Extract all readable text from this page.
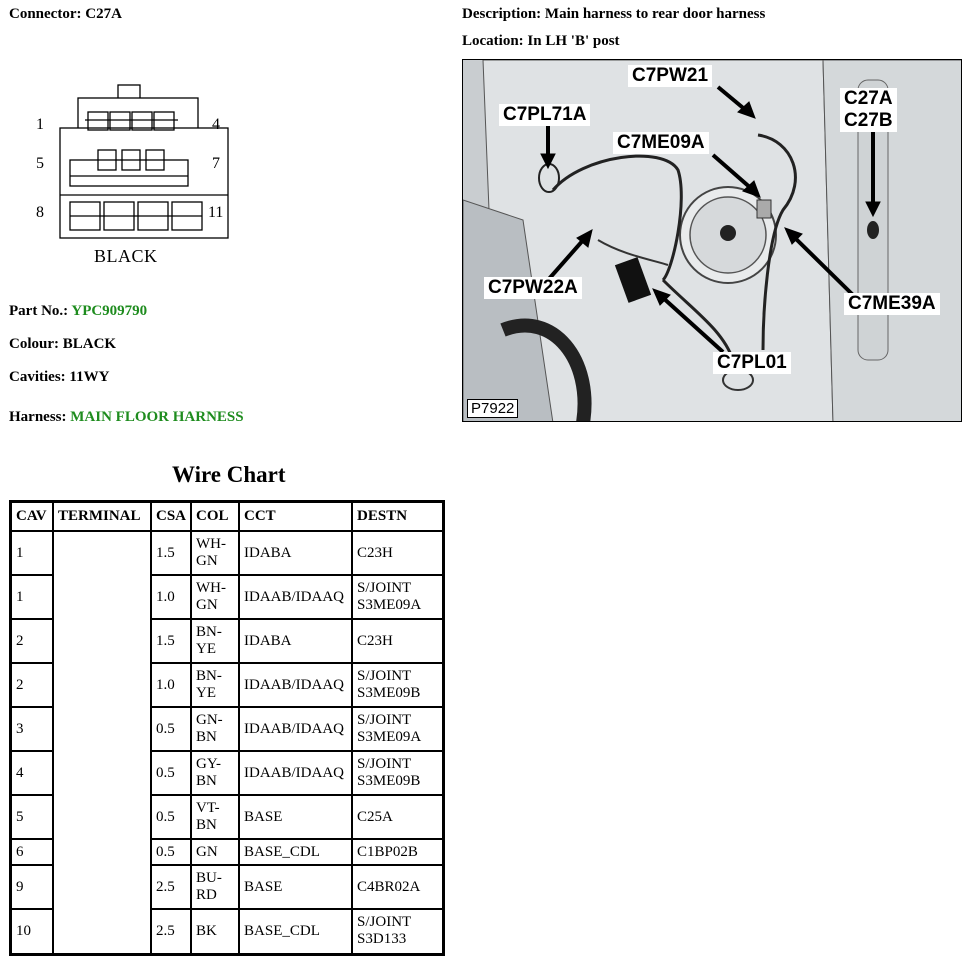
Connector: C27A	Description: Main harness to rear door harness
Location: In LH 'B' post
1	4
5	7
8	11
BLACK
Part No.: YPC909790
Colour: BLACK
Cavities: 11WY
Harness: MAIN FLOOR HARNESS
C7PW21
C7PL71A
C7ME09A
C27A
C27B
C7PW22A
C7ME39A
C7PL01
P7922
Wire Chart
CAV	TERMINAL	CSA	COL	CCT	DESTN
1		1.5	WH-GN	IDABA	C23H
1		1.0	WH-GN	IDAAB/IDAAQ	S/JOINT S3ME09A
2		1.5	BN-YE	IDABA	C23H
2		1.0	BN-YE	IDAAB/IDAAQ	S/JOINT S3ME09B
3		0.5	GN-BN	IDAAB/IDAAQ	S/JOINT S3ME09A
4		0.5	GY-BN	IDAAB/IDAAQ	S/JOINT S3ME09B
5		0.5	VT-BN	BASE	C25A
6		0.5	GN	BASE_CDL	C1BP02B
9		2.5	BU-RD	BASE	C4BR02A
10		2.5	BK	BASE_CDL	S/JOINT S3D133
